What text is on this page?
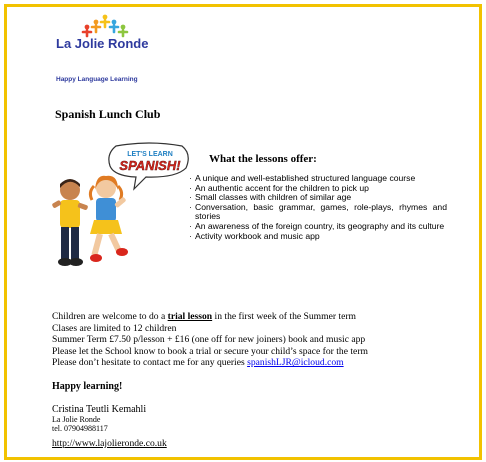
La Jolie Ronde
Happy Language Learning
Spanish Lunch Club
LET'S LEARN
SPANISH!	What the lessons offer:
· A unique and well-established structured language course
· An authentic accent for the children to pick up
· Small classes with children of similar age
· Conversation, basic grammar, games, role-plays, rhymes and stories
· An awareness of the foreign country, its geography and its culture
· Activity workbook and music app
Children are welcome to do a trial lesson in the first week of the Summer term
Clases are limited to 12 children
Summer Term £7.50 p/lesson + £16 (one off for new joiners) book and music app
Please let the School know to book a trial or secure your child’s space for the term
Please don’t hesitate to contact me for any queries spanishLJR@icloud.com
Happy learning!
Cristina Teutli Kemahli
La Jolie Ronde
tel. 07904988117
http://www.lajolieronde.co.uk
